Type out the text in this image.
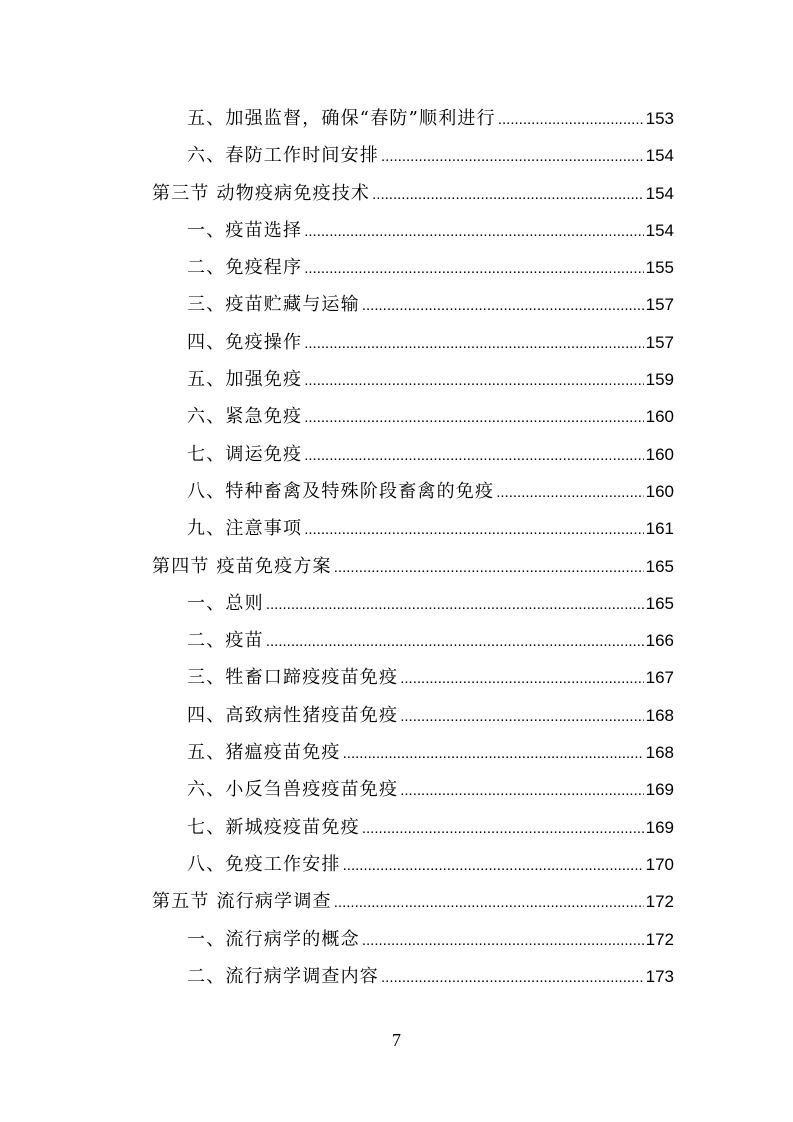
五、加强监督，确保“春防”顺利进行 .....	153
六、春防工作时间安排 .....	154
第三节 动物疫病免疫技术 .....	154
一、疫苗选择 .....	154
二、免疫程序 .....	155
三、疫苗贮藏与运输 .....	157
四、免疫操作 .....	157
五、加强免疫 .....	159
六、紧急免疫 .....	160
七、调运免疫 .....	160
八、特种畜禽及特殊阶段畜禽的免疫 .....	160
九、注意事项 .....	161
第四节 疫苗免疫方案 .....	165
一、总则 .....	165
二、疫苗 .....	166
三、牲畜口蹄疫疫苗免疫 .....	167
四、高致病性猪疫苗免疫 .....	168
五、猪瘟疫苗免疫 .....	168
六、小反刍兽疫疫苗免疫 .....	169
七、新城疫疫苗免疫 .....	169
八、免疫工作安排 .....	170
第五节 流行病学调查 .....	172
一、流行病学的概念 .....	172
二、流行病学调查内容 .....	173
7
